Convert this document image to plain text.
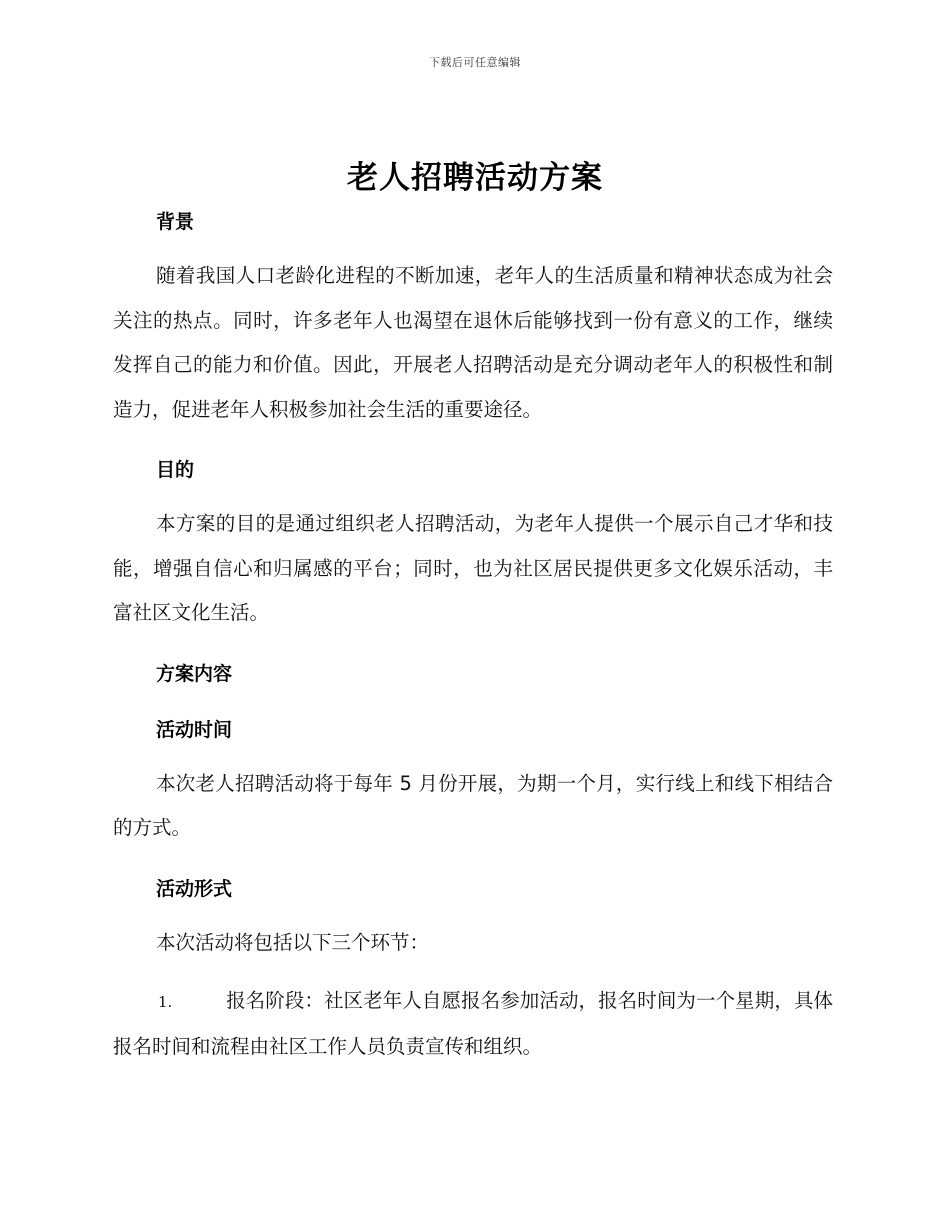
下载后可任意编辑
老人招聘活动方案
背景

随着我国人口老龄化进程的不断加速，老年人的生活质量和精神状态成为社会关注的热点。同时，许多老年人也渴望在退休后能够找到一份有意义的工作，继续发挥自己的能力和价值。因此，开展老人招聘活动是充分调动老年人的积极性和制造力，促进老年人积极参加社会生活的重要途径。

目的

本方案的目的是通过组织老人招聘活动，为老年人提供一个展示自己才华和技能，增强自信心和归属感的平台；同时，也为社区居民提供更多文化娱乐活动，丰富社区文化生活。

方案内容
活动时间

本次老人招聘活动将于每年 5 月份开展，为期一个月，实行线上和线下相结合的方式。

活动形式

本次活动将包括以下三个环节：

1.	报名阶段：社区老年人自愿报名参加活动，报名时间为一个星期，具体报名时间和流程由社区工作人员负责宣传和组织。
